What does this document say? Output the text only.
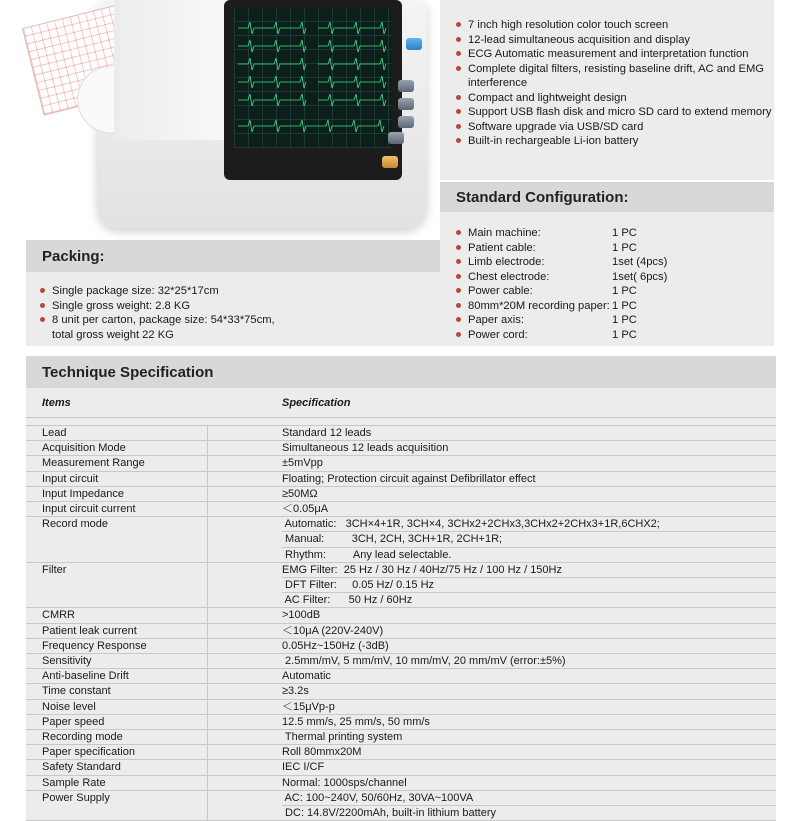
7 inch high resolution color touch screen
12-lead simultaneous acquisition and display
ECG Automatic measurement and interpretation function
Complete digital filters, resisting baseline drift, AC and EMG interference
Compact and lightweight design
Support USB flash disk and micro SD card to extend memory
Software upgrade via USB/SD card
Built-in rechargeable Li-ion battery
Standard Configuration:
Main machine:	1 PC
Patient cable:	1 PC
Limb electrode:	1set (4pcs)
Chest electrode:	1set( 6pcs)
Power cable:	1 PC
80mm*20M recording paper: 1 PC
Paper axis:	1 PC
Power cord:	1 PC
Packing:
Single package size: 32*25*17cm
Single gross weight: 2.8 KG
8 unit per carton, package size: 54*33*75cm, total gross weight 22 KG
Technique Specification
Items	Specification
Lead	Standard 12 leads
Acquisition Mode	Simultaneous 12 leads acquisition
Measurement Range	±5mVpp
Input circuit	Floating; Protection circuit against Defibrillator effect
Input Impedance	≥50MΩ
Input circuit current	＜0.05μA
Record mode	Automatic:   3CH×4+1R, 3CH×4, 3CHx2+2CHx3,3CHx2+2CHx3+1R,6CHX2;
Manual:         3CH, 2CH, 3CH+1R, 2CH+1R;
Rhythm:         Any lead selectable.
Filter	EMG Filter:  25 Hz / 30 Hz / 40Hz/75 Hz / 100 Hz / 150Hz
DFT Filter:     0.05 Hz/ 0.15 Hz
AC Filter:      50 Hz / 60Hz
CMRR	>100dB
Patient leak current	＜10μA (220V-240V)
Frequency Response	0.05Hz~150Hz (-3dB)
Sensitivity	2.5mm/mV, 5 mm/mV, 10 mm/mV, 20 mm/mV (error:±5%)
Anti-baseline Drift	Automatic
Time constant	≥3.2s
Noise level	＜15μVp-p
Paper speed	12.5 mm/s, 25 mm/s, 50 mm/s
Recording mode	Thermal printing system
Paper specification	Roll 80mmx20M
Safety Standard	IEC I/CF
Sample Rate	Normal: 1000sps/channel
Power Supply	AC: 100~240V, 50/60Hz, 30VA~100VA
DC: 14.8V/2200mAh, built-in lithium battery
